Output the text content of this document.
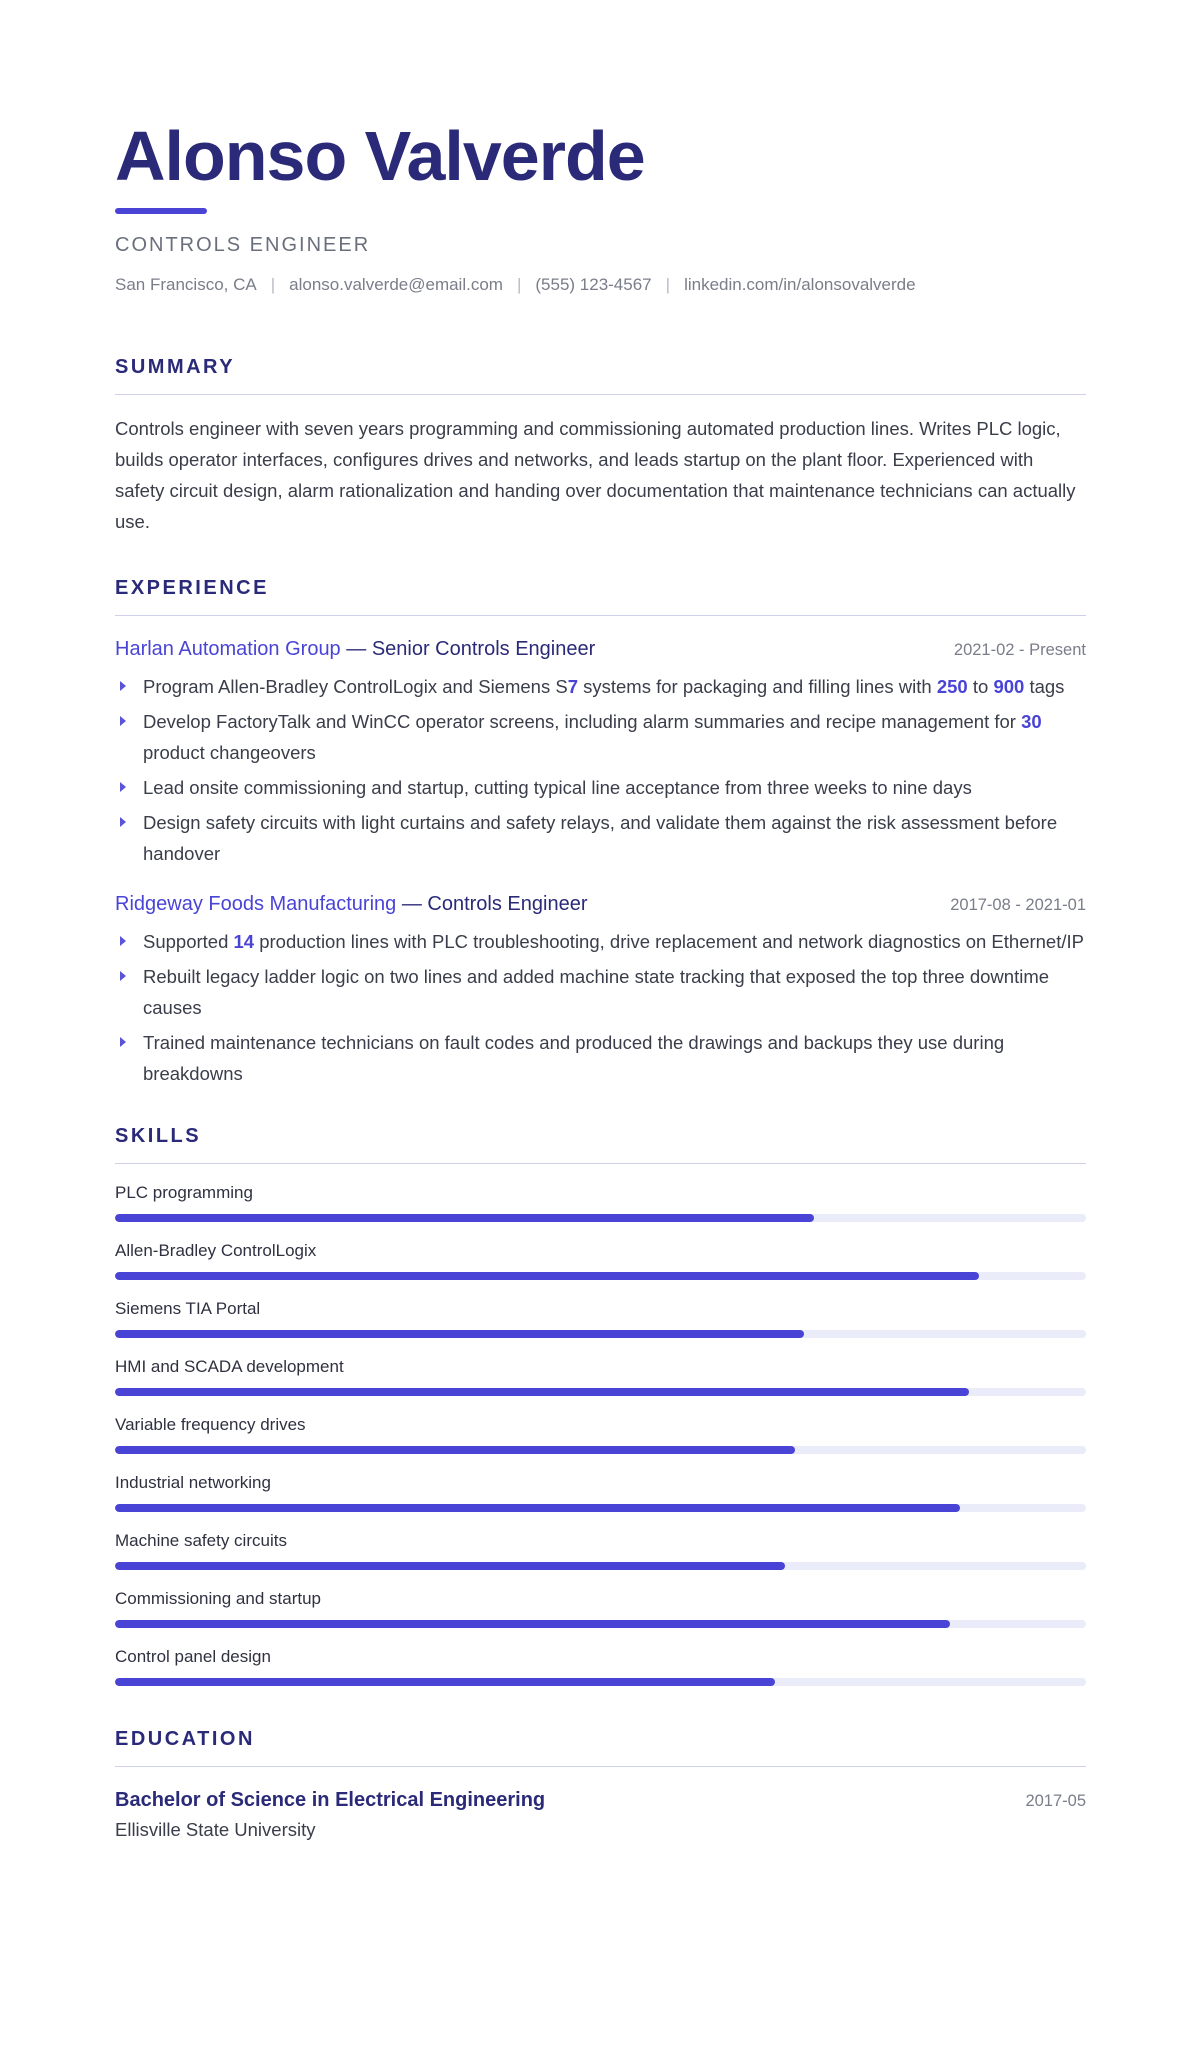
Alonso Valverde
CONTROLS ENGINEER
San Francisco, CA | alonso.valverde@email.com | (555) 123-4567 | linkedin.com/in/alonsovalverde
SUMMARY

Controls engineer with seven years programming and commissioning automated production lines. Writes PLC logic, builds operator interfaces, configures drives and networks, and leads startup on the plant floor. Experienced with safety circuit design, alarm rationalization and handing over documentation that maintenance technicians can actually use.

EXPERIENCE
Harlan Automation Group — Senior Controls Engineer	2021-02 - Present
Program Allen-Bradley ControlLogix and Siemens S7 systems for packaging and filling lines with 250 to 900 tags
Develop FactoryTalk and WinCC operator screens, including alarm summaries and recipe management for 30 product changeovers
Lead onsite commissioning and startup, cutting typical line acceptance from three weeks to nine days
Design safety circuits with light curtains and safety relays, and validate them against the risk assessment before handover
Ridgeway Foods Manufacturing — Controls Engineer	2017-08 - 2021-01
Supported 14 production lines with PLC troubleshooting, drive replacement and network diagnostics on Ethernet/IP
Rebuilt legacy ladder logic on two lines and added machine state tracking that exposed the top three downtime causes
Trained maintenance technicians on fault codes and produced the drawings and backups they use during breakdowns
SKILLS
PLC programming
Allen-Bradley ControlLogix
Siemens TIA Portal
HMI and SCADA development
Variable frequency drives
Industrial networking
Machine safety circuits
Commissioning and startup
Control panel design
EDUCATION
Bachelor of Science in Electrical Engineering	2017-05
Ellisville State University
